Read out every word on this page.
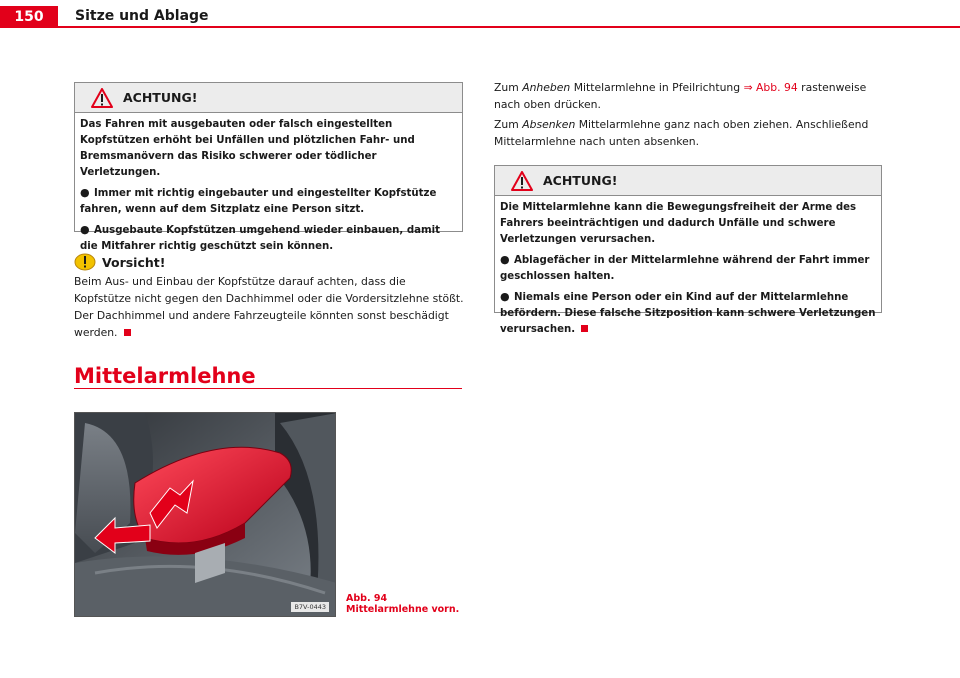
150	Sitze und Ablage
ACHTUNG!

Das Fahren mit ausgebauten oder falsch eingestellten Kopfstützen erhöht bei Unfällen und plötzlichen Fahr- und Bremsmanövern das Risiko schwerer oder tödlicher Verletzungen.

● Immer mit richtig eingebauter und eingestellter Kopfstütze fahren, wenn auf dem Sitzplatz eine Person sitzt.

● Ausgebaute Kopfstützen umgehend wieder einbauen, damit die Mitfahrer richtig geschützt sein können.

Vorsicht!
Beim Aus- und Einbau der Kopfstütze darauf achten, dass die Kopfstütze nicht gegen den Dachhimmel oder die Vordersitzlehne stößt. Der Dachhimmel und andere Fahrzeugteile könnten sonst beschädigt werden.
Mittelarmlehne
B7V-0443
Abb. 94 Mittelarmlehne vorn.
Zum Anheben Mittelarmlehne in Pfeilrichtung ⇒ Abb. 94 rastenweise nach oben drücken.
Zum Absenken Mittelarmlehne ganz nach oben ziehen. Anschließend Mittelarmlehne nach unten absenken.
ACHTUNG!

Die Mittelarmlehne kann die Bewegungsfreiheit der Arme des Fahrers beeinträchtigen und dadurch Unfälle und schwere Verletzungen verursachen.

● Ablagefächer in der Mittelarmlehne während der Fahrt immer geschlossen halten.

● Niemals eine Person oder ein Kind auf der Mittelarmlehne befördern. Diese falsche Sitzposition kann schwere Verletzungen verursachen.
